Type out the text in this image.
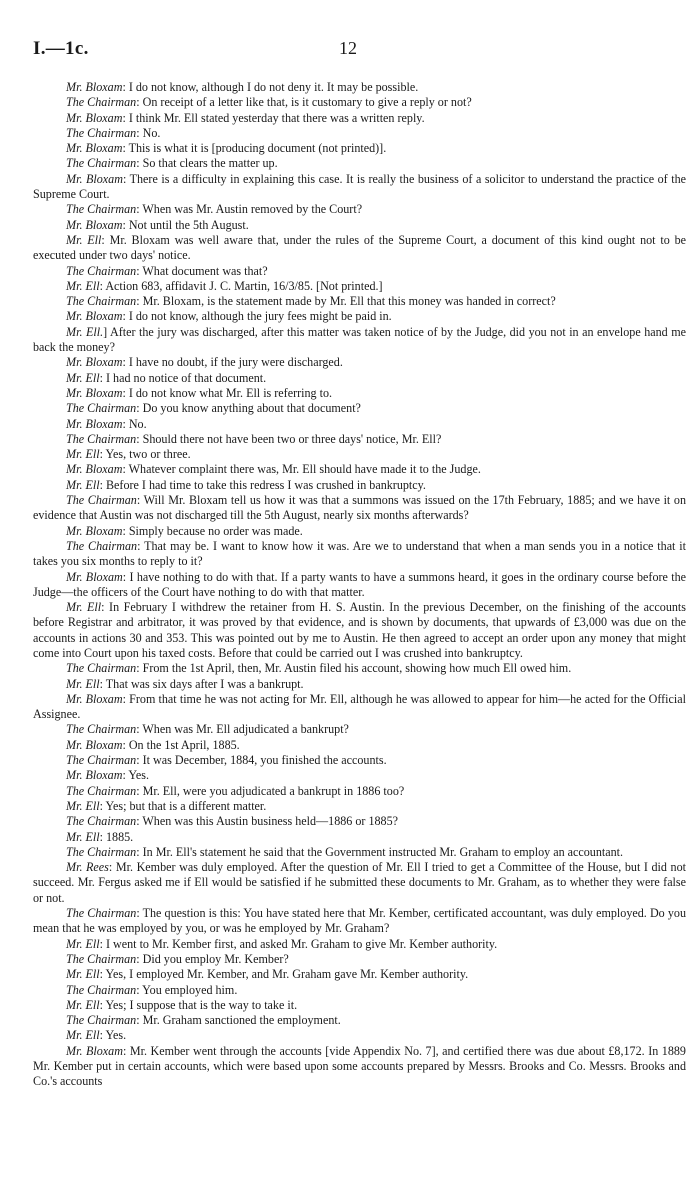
I.—1c.	12

Mr. Bloxam: I do not know, although I do not deny it. It may be possible.

The Chairman: On receipt of a letter like that, is it customary to give a reply or not?

Mr. Bloxam: I think Mr. Ell stated yesterday that there was a written reply.

The Chairman: No.

Mr. Bloxam: This is what it is [producing document (not printed)].

The Chairman: So that clears the matter up.

Mr. Bloxam: There is a difficulty in explaining this case. It is really the business of a solicitor to understand the practice of the Supreme Court.

The Chairman: When was Mr. Austin removed by the Court?

Mr. Bloxam: Not until the 5th August.

Mr. Ell: Mr. Bloxam was well aware that, under the rules of the Supreme Court, a document of this kind ought not to be executed under two days' notice.

The Chairman: What document was that?

Mr. Ell: Action 683, affidavit J. C. Martin, 16/3/85. [Not printed.]

The Chairman: Mr. Bloxam, is the statement made by Mr. Ell that this money was handed in correct?

Mr. Bloxam: I do not know, although the jury fees might be paid in.

Mr. Ell.] After the jury was discharged, after this matter was taken notice of by the Judge, did you not in an envelope hand me back the money?

Mr. Bloxam: I have no doubt, if the jury were discharged.

Mr. Ell: I had no notice of that document.

Mr. Bloxam: I do not know what Mr. Ell is referring to.

The Chairman: Do you know anything about that document?

Mr. Bloxam: No.

The Chairman: Should there not have been two or three days' notice, Mr. Ell?

Mr. Ell: Yes, two or three.

Mr. Bloxam: Whatever complaint there was, Mr. Ell should have made it to the Judge.

Mr. Ell: Before I had time to take this redress I was crushed in bankruptcy.

The Chairman: Will Mr. Bloxam tell us how it was that a summons was issued on the 17th February, 1885; and we have it on evidence that Austin was not discharged till the 5th August, nearly six months afterwards?

Mr. Bloxam: Simply because no order was made.

The Chairman: That may be. I want to know how it was. Are we to understand that when a man sends you in a notice that it takes you six months to reply to it?

Mr. Bloxam: I have nothing to do with that. If a party wants to have a summons heard, it goes in the ordinary course before the Judge—the officers of the Court have nothing to do with that matter.

Mr. Ell: In February I withdrew the retainer from H. S. Austin. In the previous December, on the finishing of the accounts before Registrar and arbitrator, it was proved by that evidence, and is shown by documents, that upwards of £3,000 was due on the accounts in actions 30 and 353. This was pointed out by me to Austin. He then agreed to accept an order upon any money that might come into Court upon his taxed costs. Before that could be carried out I was crushed into bankruptcy.

The Chairman: From the 1st April, then, Mr. Austin filed his account, showing how much Ell owed him.

Mr. Ell: That was six days after I was a bankrupt.

Mr. Bloxam: From that time he was not acting for Mr. Ell, although he was allowed to appear for him—he acted for the Official Assignee.

The Chairman: When was Mr. Ell adjudicated a bankrupt?

Mr. Bloxam: On the 1st April, 1885.

The Chairman: It was December, 1884, you finished the accounts.

Mr. Bloxam: Yes.

The Chairman: Mr. Ell, were you adjudicated a bankrupt in 1886 too?

Mr. Ell: Yes; but that is a different matter.

The Chairman: When was this Austin business held—1886 or 1885?

Mr. Ell: 1885.

The Chairman: In Mr. Ell's statement he said that the Government instructed Mr. Graham to employ an accountant.

Mr. Rees: Mr. Kember was duly employed. After the question of Mr. Ell I tried to get a Committee of the House, but I did not succeed. Mr. Fergus asked me if Ell would be satisfied if he submitted these documents to Mr. Graham, as to whether they were false or not.

The Chairman: The question is this: You have stated here that Mr. Kember, certificated accountant, was duly employed. Do you mean that he was employed by you, or was he employed by Mr. Graham?

Mr. Ell: I went to Mr. Kember first, and asked Mr. Graham to give Mr. Kember authority.

The Chairman: Did you employ Mr. Kember?

Mr. Ell: Yes, I employed Mr. Kember, and Mr. Graham gave Mr. Kember authority.

The Chairman: You employed him.

Mr. Ell: Yes; I suppose that is the way to take it.

The Chairman: Mr. Graham sanctioned the employment.

Mr. Ell: Yes.

Mr. Bloxam: Mr. Kember went through the accounts [vide Appendix No. 7], and certified there was due about £8,172. In 1889 Mr. Kember put in certain accounts, which were based upon some accounts prepared by Messrs. Brooks and Co. Messrs. Brooks and Co.'s accounts
